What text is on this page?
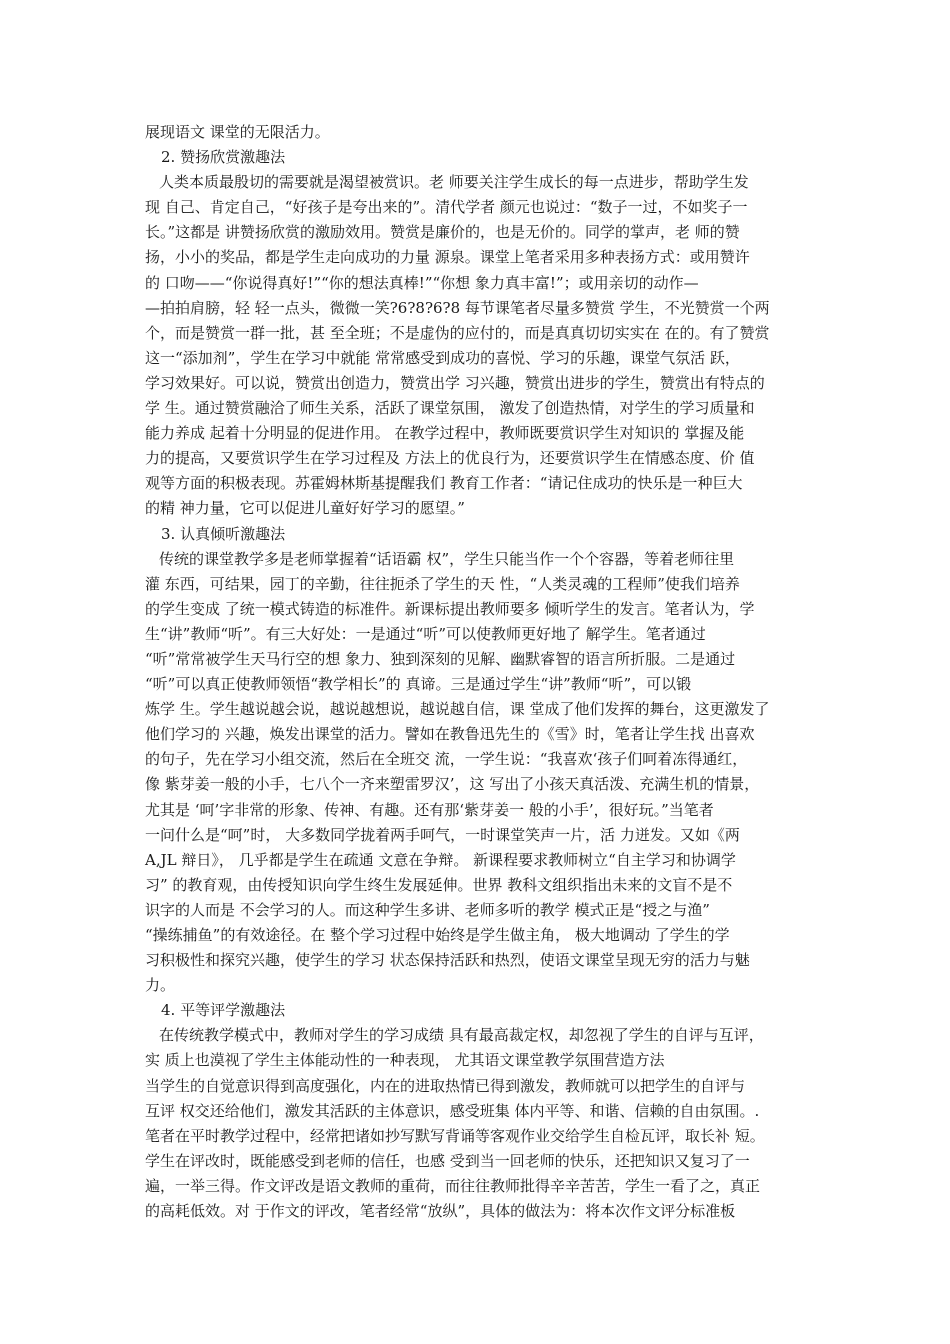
展现语文 课堂的无限活力。
2. 赞扬欣赏激趣法
人类本质最殷切的需要就是渴望被赏识。老 师要关注学生成长的每一点进步，帮助学生发
现 自己、肯定自己，“好孩子是夸出来的”。清代学者 颜元也说过：“数子一过，不如奖子一
长。”这都是 讲赞扬欣赏的激励效用。赞赏是廉价的，也是无价的。同学的掌声，老 师的赞
扬，小小的奖品，都是学生走向成功的力量 源泉。课堂上笔者采用多种表扬方式：或用赞许
的 口吻——“你说得真好!”“你的想法真棒!”“你想 象力真丰富!”；或用亲切的动作—
—拍拍肩膀，轻 轻一点头，微微一笑?6?8?6?8 每节课笔者尽量多赞赏 学生，不光赞赏一个两
个，而是赞赏一群一批，甚 至全班；不是虚伪的应付的，而是真真切切实实在 在的。有了赞赏
这一“添加剂”，学生在学习中就能 常常感受到成功的喜悦、学习的乐趣，课堂气氛活 跃，
学习效果好。可以说，赞赏出创造力，赞赏出学 习兴趣，赞赏出进步的学生，赞赏出有特点的
学 生。通过赞赏融洽了师生关系，活跃了课堂氛围， 激发了创造热情，对学生的学习质量和
能力养成 起着十分明显的促进作用。 在教学过程中，教师既要赏识学生对知识的 掌握及能
力的提高，又要赏识学生在学习过程及 方法上的优良行为，还要赏识学生在情感态度、价 值
观等方面的积极表现。苏霍姆林斯基提醒我们 教育工作者：“请记住成功的快乐是一种巨大
的精 神力量，它可以促进儿童好好学习的愿望。”
3. 认真倾听激趣法
传统的课堂教学多是老师掌握着“话语霸 权”，学生只能当作一个个容器，等着老师往里
灌 东西，可结果，园丁的辛勤，往往扼杀了学生的天 性，“人类灵魂的工程师”使我们培养
的学生变成 了统一模式铸造的标准件。新课标提出教师要多 倾听学生的发言。笔者认为，学
生“讲”教师“听”。有三大好处：一是通过“听”可以使教师更好地了 解学生。笔者通过
“听”常常被学生天马行空的想 象力、独到深刻的见解、幽默睿智的语言所折服。二是通过
“听”可以真正使教师领悟“教学相长”的 真谛。三是通过学生“讲”教师“听”，可以锻
炼学 生。学生越说越会说，越说越想说，越说越自信，课 堂成了他们发挥的舞台，这更激发了
他们学习的 兴趣，焕发出课堂的活力。譬如在教鲁迅先生的《雪》时，笔者让学生找 出喜欢
的句子，先在学习小组交流，然后在全班交 流，一学生说：“我喜欢‘孩子们呵着冻得通红，
像 紫芽姜一般的小手，七八个一齐来塑雷罗汉’，这 写出了小孩天真活泼、充满生机的情景，
尤其是 ‘呵’字非常的形象、传神、有趣。还有那‘紫芽姜一 般的小手’，很好玩。”当笔者
一问什么是“呵”时， 大多数同学拢着两手呵气，一时课堂笑声一片，活 力迸发。又如《两
A,JL 辩日》， 几乎都是学生在疏通 文意在争辩。 新课程要求教师树立“自主学习和协调学
习” 的教育观，由传授知识向学生终生发展延伸。世界 教科文组织指出未来的文盲不是不
识字的人而是 不会学习的人。而这种学生多讲、老师多听的教学 模式正是“授之与渔”
“操练捕鱼”的有效途径。在 整个学习过程中始终是学生做主角， 极大地调动 了学生的学
习积极性和探究兴趣，使学生的学习 状态保持活跃和热烈，使语文课堂呈现无穷的活力与魅
力。
4. 平等评学激趣法
在传统教学模式中，教师对学生的学习成绩 具有最高裁定权，却忽视了学生的自评与互评，
实 质上也漠视了学生主体能动性的一种表现， 尤其语文课堂教学氛围营造方法
当学生的自觉意识得到高度强化，内在的进取热情已得到激发，教师就可以把学生的自评与
互评 权交还给他们，激发其活跃的主体意识，感受班集 体内平等、和谐、信赖的自由氛围。.
笔者在平时教学过程中，经常把诸如抄写默写背诵等客观作业交给学生自检瓦评，取长补 短。
学生在评改时，既能感受到老师的信任，也感 受到当一回老师的快乐，还把知识又复习了一
遍，一举三得。作文评改是语文教师的重荷，而往往教师批得辛辛苦苦，学生一看了之，真正
的高耗低效。对 于作文的评改，笔者经常“放纵”，具体的做法为：将本次作文评分标准板
